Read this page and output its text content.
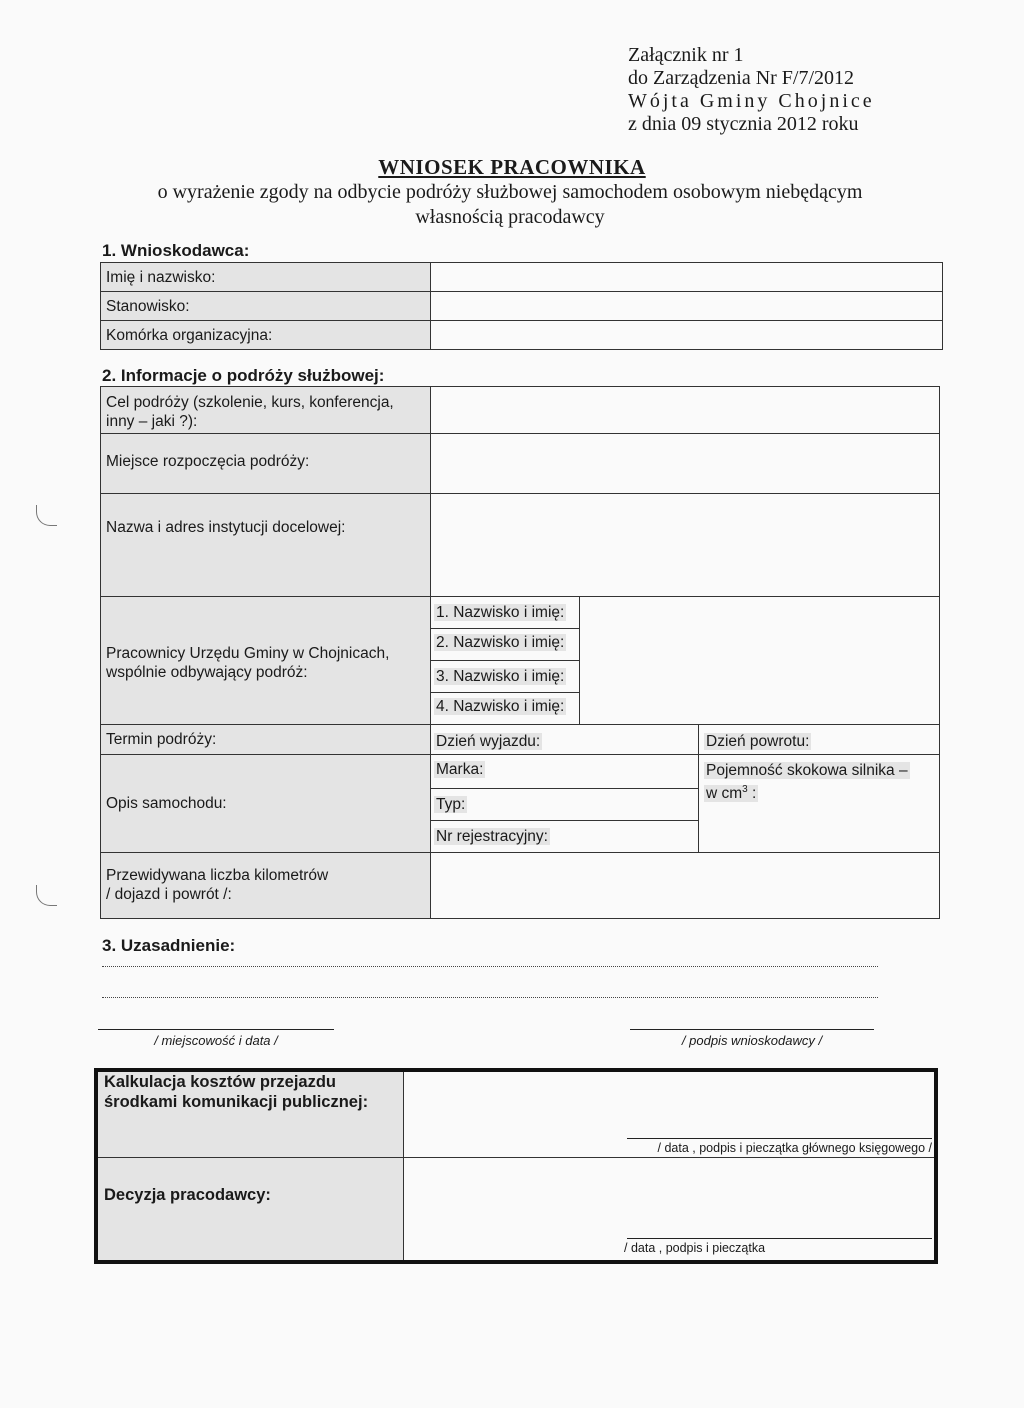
Załącznik nr 1
do Zarządzenia Nr F/7/2012
Wójta Gminy Chojnice
z dnia 09 stycznia 2012 roku
WNIOSEK PRACOWNIKA
o wyrażenie zgody na odbycie podróży służbowej samochodem osobowym niebędącym
własnością pracodawcy
1. Wnioskodawca:
Imię i nazwisko:
Stanowisko:
Komórka organizacyjna:
2. Informacje o podróży służbowej:
Cel podróży (szkolenie, kurs, konferencja,
inny – jaki ?):
Miejsce rozpoczęcia podróży:
Nazwa i adres instytucji docelowej:
Pracownicy Urzędu Gminy w Chojnicach,
wspólnie odbywający podróż:
Termin podróży:
Opis samochodu:
Przewidywana liczba kilometrów
/ dojazd i powrót /:
1. Nazwisko i imię:
2. Nazwisko i imię:
3. Nazwisko i imię:
4. Nazwisko i imię:
Dzień wyjazdu:	Dzień powrotu:
Marka:
Typ:
Nr rejestracyjny:
Pojemność skokowa silnika –
w $cm^3$ :
3. Uzasadnienie:
/ miejscowość i data /	/ podpis wnioskodawcy /
Kalkulacja kosztów przejazdu
środkami komunikacji publicznej:
Decyzja pracodawcy:
/ data , podpis i pieczątka głównego księgowego /
/ data , podpis i pieczątka
